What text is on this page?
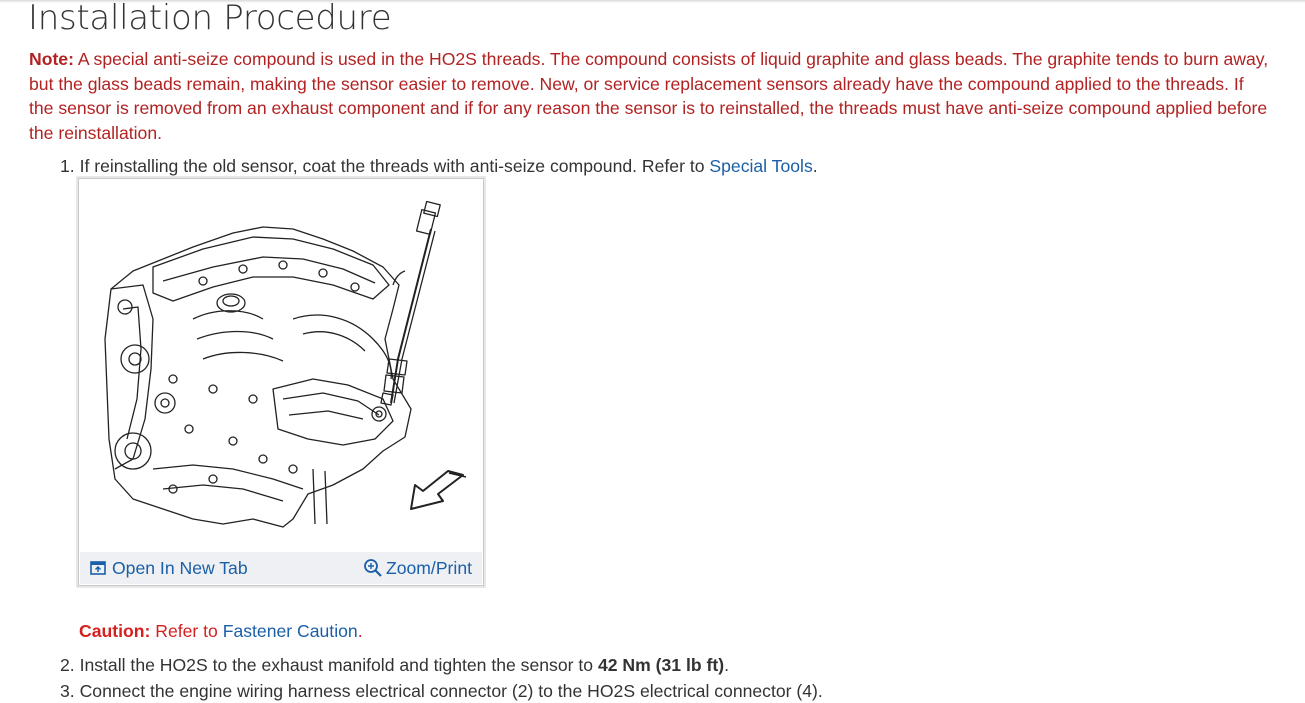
Installation Procedure

Note: A special anti-seize compound is used in the HO2S threads. The compound consists of liquid graphite and glass beads. The graphite tends to burn away, but the glass beads remain, making the sensor easier to remove. New, or service replacement sensors already have the compound applied to the threads. If the sensor is removed from an exhaust component and if for any reason the sensor is to reinstalled, the threads must have anti-seize compound applied before the reinstallation.

1. If reinstalling the old sensor, coat the threads with anti-seize compound. Refer to Special Tools.
Open In New Tab	Zoom/Print
Caution: Refer to Fastener Caution.
2. Install the HO2S to the exhaust manifold and tighten the sensor to 42 Nm (31 lb ft).
3. Connect the engine wiring harness electrical connector (2) to the HO2S electrical connector (4).
